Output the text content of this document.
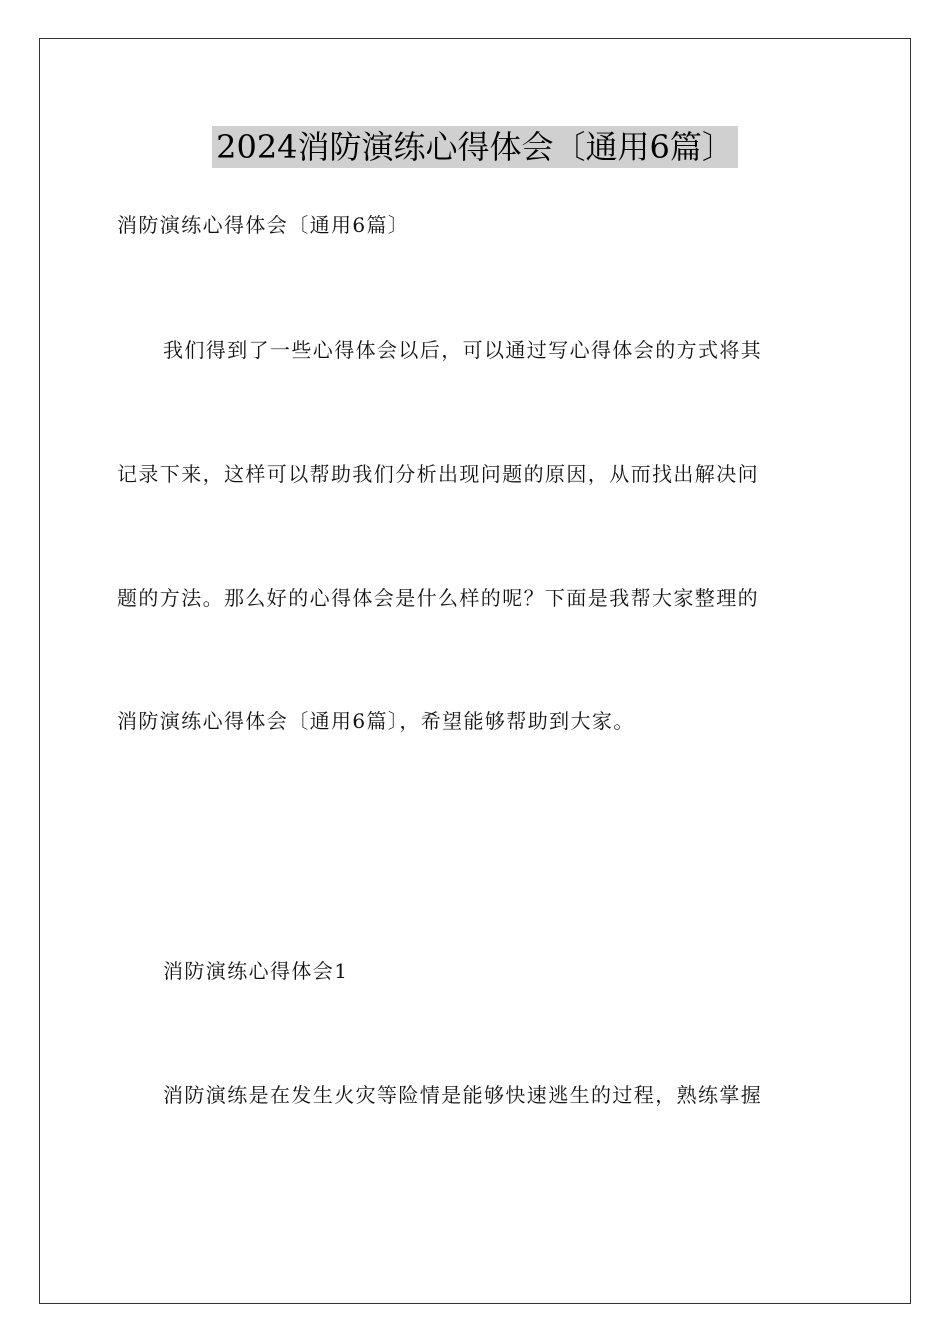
2024消防演练心得体会〔通用6篇〕
消防演练心得体会〔通用6篇〕
我们得到了一些心得体会以后，可以通过写心得体会的方式将其
记录下来，这样可以帮助我们分析出现问题的原因，从而找出解决问
题的方法。那么好的心得体会是什么样的呢？下面是我帮大家整理的
消防演练心得体会〔通用6篇〕，希望能够帮助到大家。
消防演练心得体会1
消防演练是在发生火灾等险情是能够快速逃生的过程，熟练掌握
